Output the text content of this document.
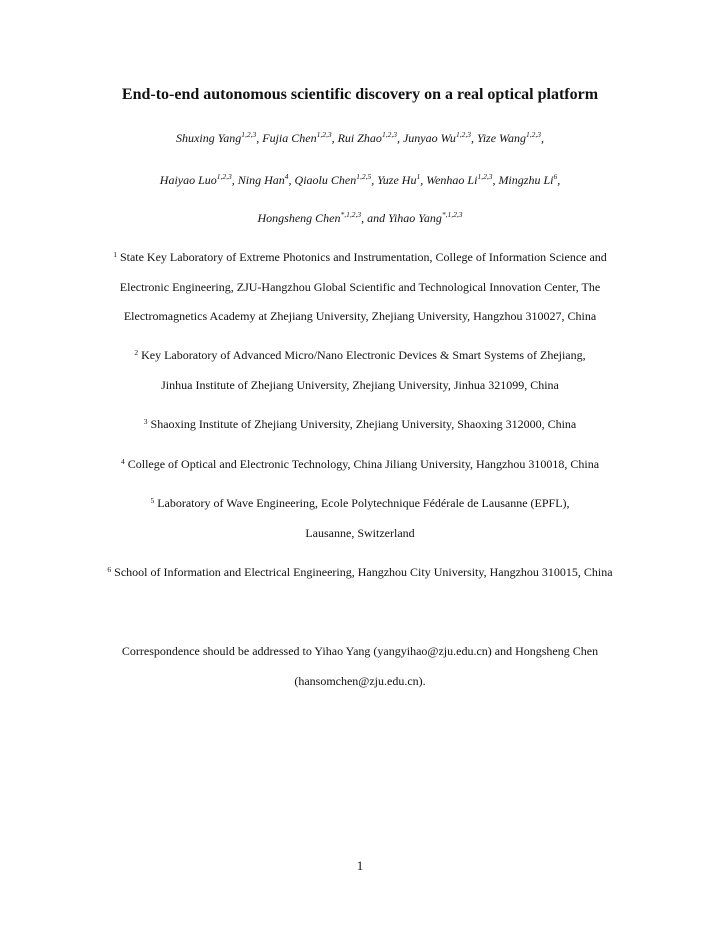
End-to-end autonomous scientific discovery on a real optical platform
Shuxing Yang$^{1,2,3}$, Fujia Chen$^{1,2,3}$, Rui Zhao$^{1,2,3}$, Junyao Wu$^{1,2,3}$, Yize Wang$^{1,2,3}$,
Haiyao Luo$^{1,2,3}$, Ning Han$^4$, Qiaolu Chen$^{1,2,5}$, Yuze Hu$^1$, Wenhao Li$^{1,2,3}$, Mingzhu Li$^6$,
Hongsheng Chen$^{*,1,2,3}$, and Yihao Yang$^{*,1,2,3}$
$^1$ State Key Laboratory of Extreme Photonics and Instrumentation, College of Information Science and
Electronic Engineering, ZJU-Hangzhou Global Scientific and Technological Innovation Center, The
Electromagnetics Academy at Zhejiang University, Zhejiang University, Hangzhou 310027, China
$^2$ Key Laboratory of Advanced Micro/Nano Electronic Devices & Smart Systems of Zhejiang,
Jinhua Institute of Zhejiang University, Zhejiang University, Jinhua 321099, China
$^3$ Shaoxing Institute of Zhejiang University, Zhejiang University, Shaoxing 312000, China
$^4$ College of Optical and Electronic Technology, China Jiliang University, Hangzhou 310018, China
$^5$ Laboratory of Wave Engineering, Ecole Polytechnique Fédérale de Lausanne (EPFL),
Lausanne, Switzerland
$^6$ School of Information and Electrical Engineering, Hangzhou City University, Hangzhou 310015, China
Correspondence should be addressed to Yihao Yang (yangyihao@zju.edu.cn) and Hongsheng Chen
(hansomchen@zju.edu.cn).
1
